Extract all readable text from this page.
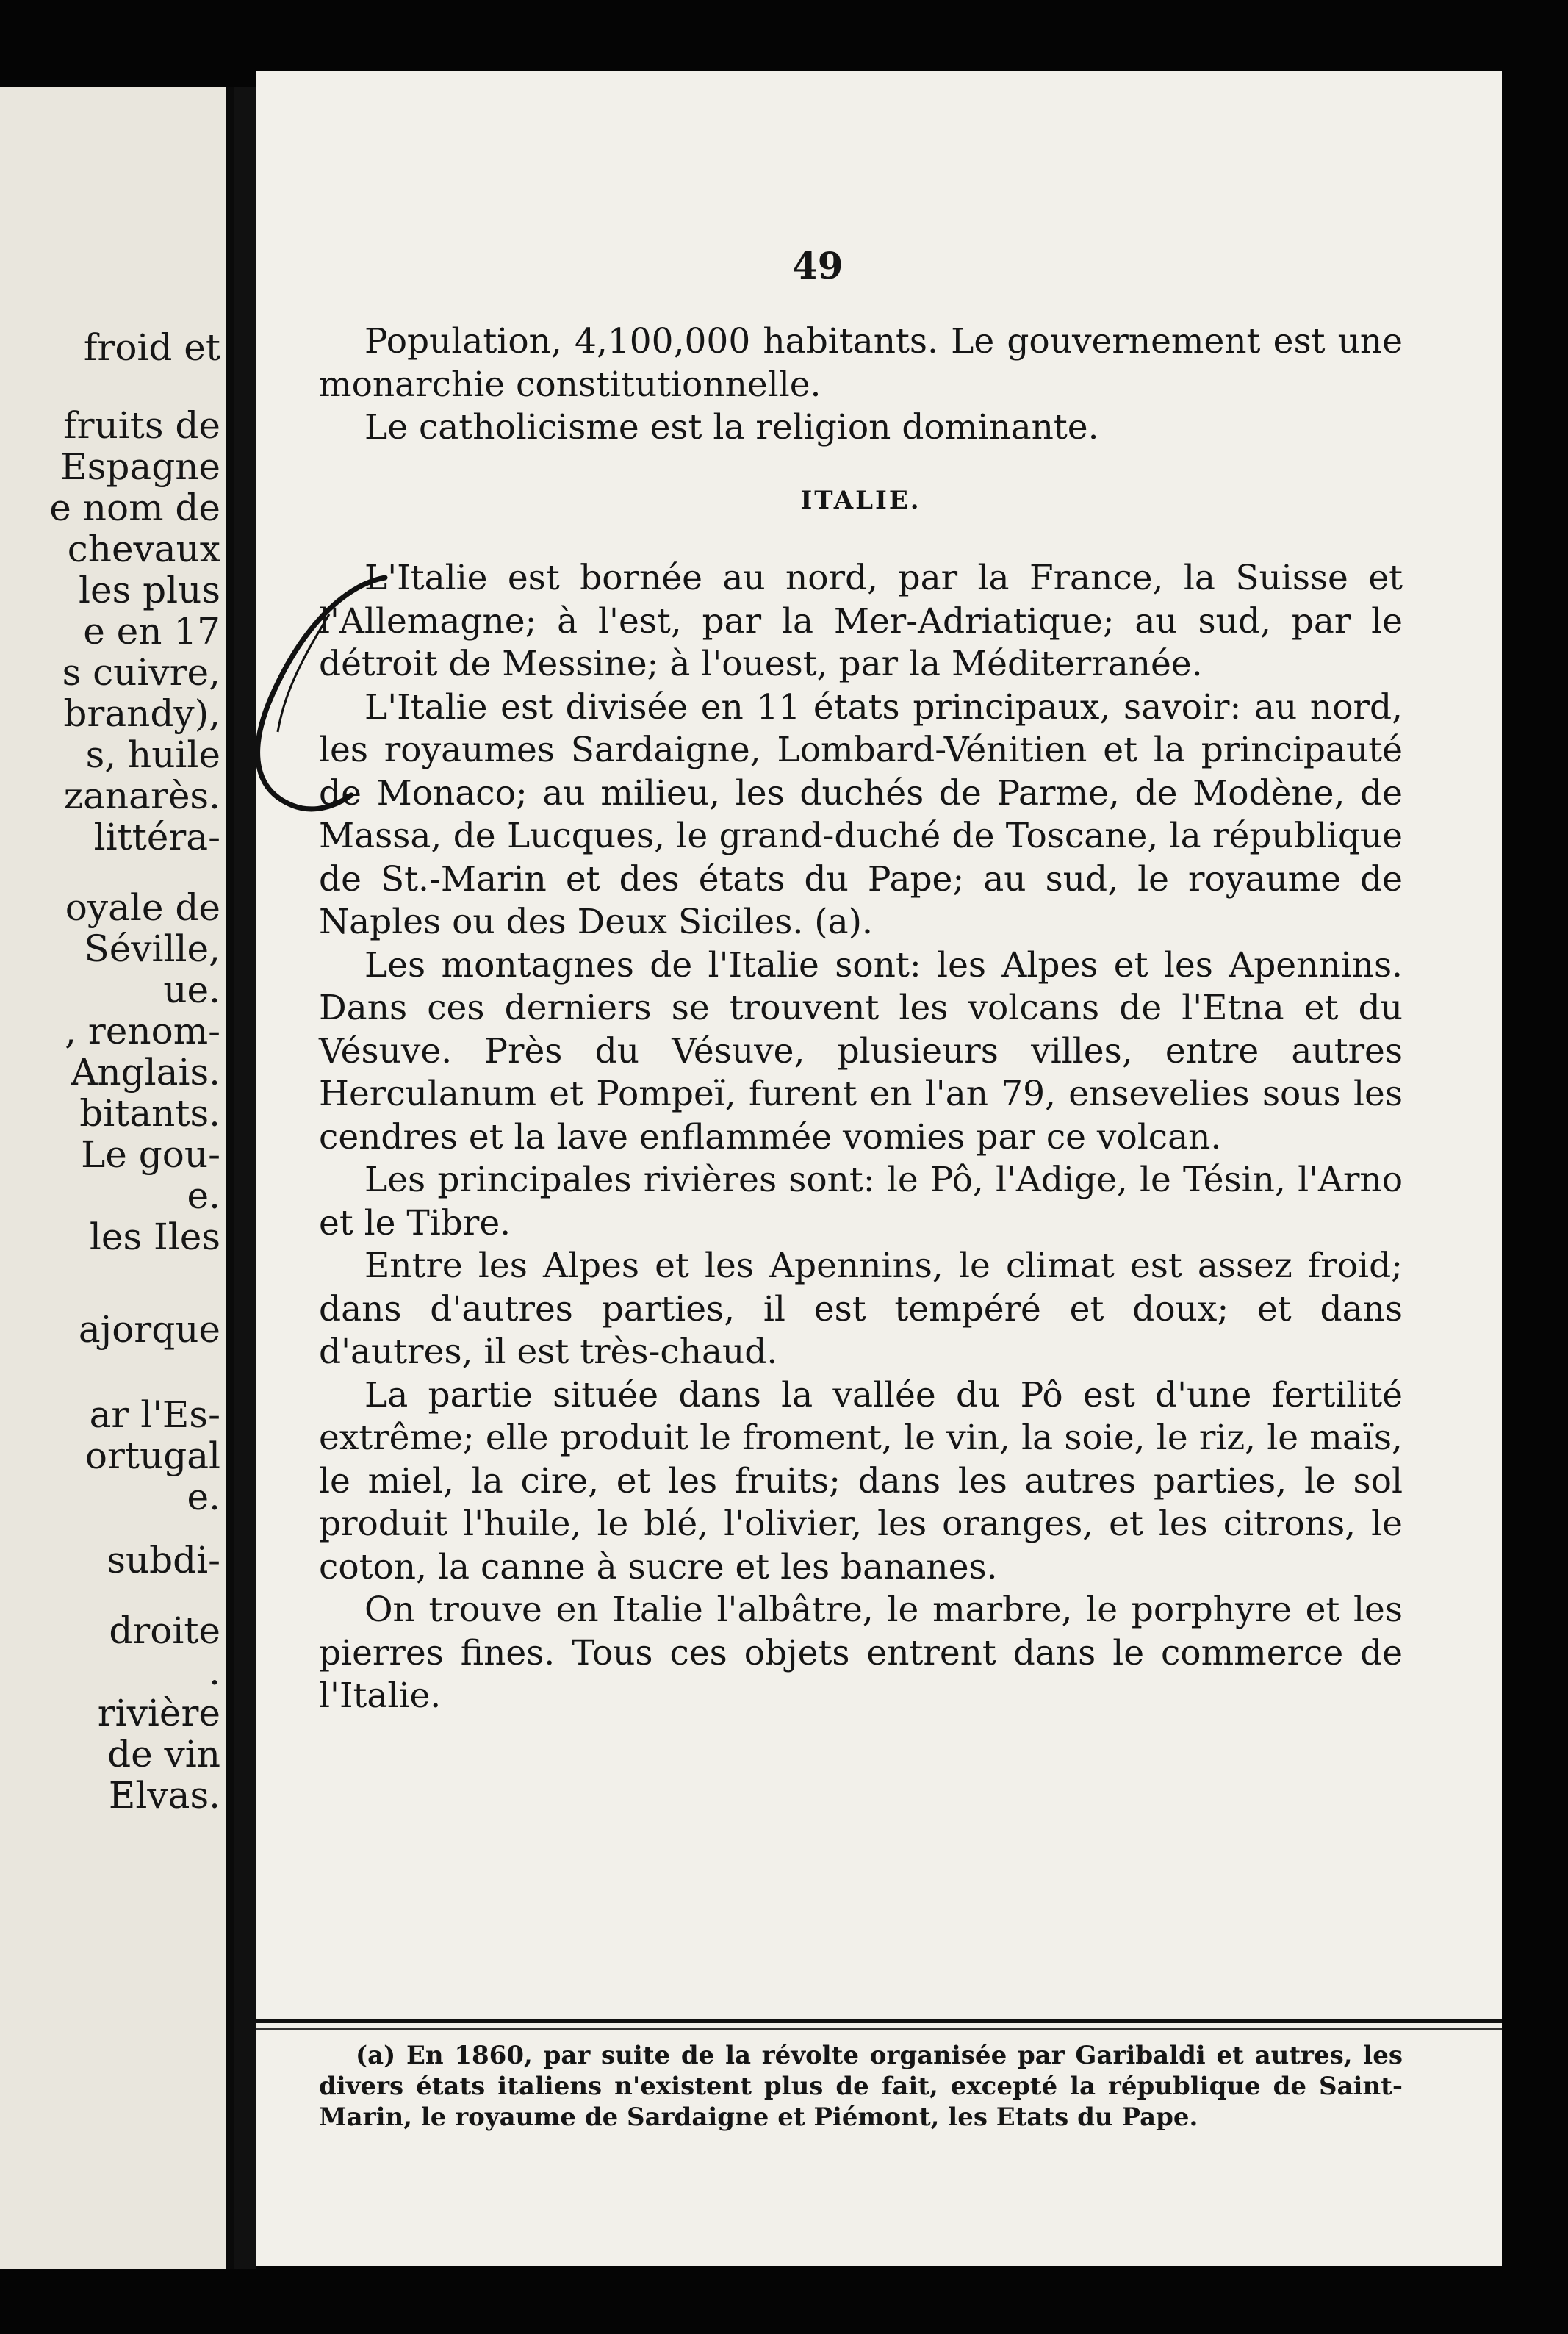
froid et
fruits de
Espagne
e nom de
chevaux
les plus
e en 17
s cuivre,
brandy),
s, huile
zanarès.
littéra-
oyale de
Séville,
ue.
, renom-
Anglais.
bitants.
Le gou-
e.
les Iles
ajorque
ar l'Es-
ortugal
e.
subdi-
droite
.
rivière
de vin
Elvas.
49

Population, 4,100,000 habitants. Le gouvernement est une monarchie constitutionnelle.

Le catholicisme est la religion dominante.

ITALIE.

L'Italie est bornée au nord, par la France, la Suisse et l'Allemagne; à l'est, par la Mer-Adriatique; au sud, par le détroit de Messine; à l'ouest, par la Méditerranée.

L'Italie est divisée en 11 états principaux, savoir: au nord, les royaumes Sardaigne, Lombard-Vénitien et la principauté de Monaco; au milieu, les duchés de Parme, de Modène, de Massa, de Lucques, le grand-duché de Toscane, la république de St.-Marin et des états du Pape; au sud, le royaume de Naples ou des Deux Siciles. (a).

Les montagnes de l'Italie sont: les Alpes et les Apennins. Dans ces derniers se trouvent les volcans de l'Etna et du Vésuve. Près du Vésuve, plusieurs villes, entre autres Herculanum et Pompeï, furent en l'an 79, ensevelies sous les cendres et la lave enflammée vomies par ce volcan.

Les principales rivières sont: le Pô, l'Adige, le Tésin, l'Arno et le Tibre.

Entre les Alpes et les Apennins, le climat est assez froid; dans d'autres parties, il est tempéré et doux; et dans d'autres, il est très-chaud.

La partie située dans la vallée du Pô est d'une fertilité extrême; elle produit le froment, le vin, la soie, le riz, le maïs, le miel, la cire, et les fruits; dans les autres parties, le sol produit l'huile, le blé, l'olivier, les oranges, et les citrons, le coton, la canne à sucre et les bananes.

On trouve en Italie l'albâtre, le marbre, le porphyre et les pierres fines. Tous ces objets entrent dans le commerce de l'Italie.

(a) En 1860, par suite de la révolte organisée par Garibaldi et autres, les divers états italiens n'existent plus de fait, excepté la république de Saint-Marin, le royaume de Sardaigne et Piémont, les Etats du Pape.
